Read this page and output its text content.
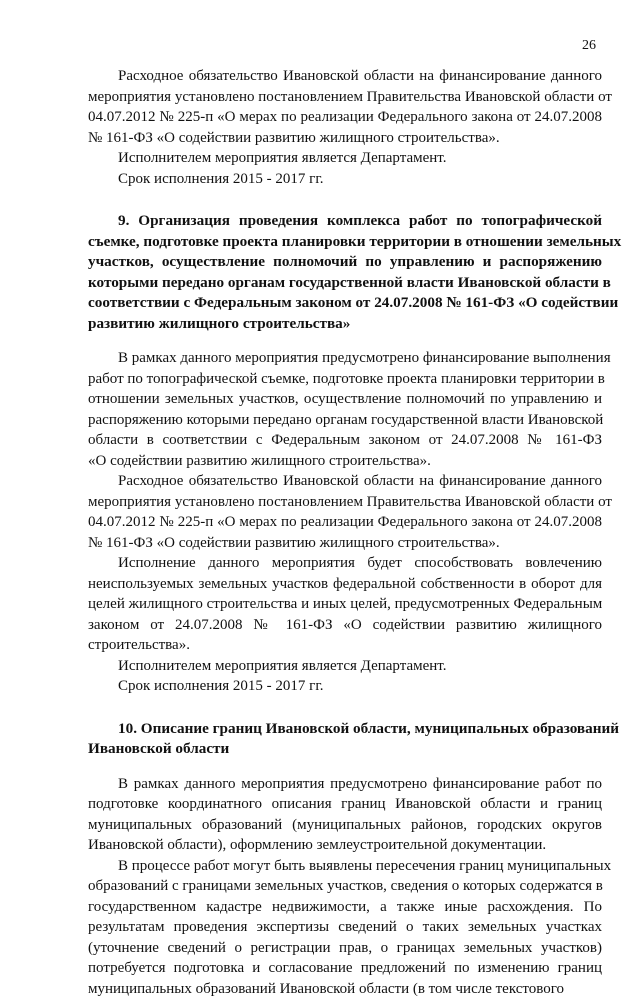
26
Расходное обязательство Ивановской области на финансирование данного
мероприятия установлено постановлением Правительства Ивановской области от
04.07.2012 № 225-п «О мерах по реализации Федерального закона от 24.07.2008
№ 161-ФЗ «О содействии развитию жилищного строительства».
Исполнителем мероприятия является Департамент.
Срок исполнения 2015 - 2017 гг.
9. Организация проведения комплекса работ по топографической
съемке, подготовке проекта планировки территории в отношении земельных
участков, осуществление полномочий по управлению и распоряжению
которыми передано органам государственной власти Ивановской области в
соответствии с Федеральным законом от 24.07.2008 № 161-ФЗ «О содействии
развитию жилищного строительства»
В рамках данного мероприятия предусмотрено финансирование выполнения
работ по топографической съемке, подготовке проекта планировки территории в
отношении земельных участков, осуществление полномочий по управлению и
распоряжению которыми передано органам государственной власти Ивановской
области в соответствии с Федеральным законом от 24.07.2008 № 161-ФЗ
«О содействии развитию жилищного строительства».
Расходное обязательство Ивановской области на финансирование данного
мероприятия установлено постановлением Правительства Ивановской области от
04.07.2012 № 225-п «О мерах по реализации Федерального закона от 24.07.2008
№ 161-ФЗ «О содействии развитию жилищного строительства».
Исполнение данного мероприятия будет способствовать вовлечению
неиспользуемых земельных участков федеральной собственности в оборот для
целей жилищного строительства и иных целей, предусмотренных Федеральным
законом от 24.07.2008 № 161-ФЗ «О содействии развитию жилищного
строительства».
Исполнителем мероприятия является Департамент.
Срок исполнения 2015 - 2017 гг.
10. Описание границ Ивановской области, муниципальных образований
Ивановской области
В рамках данного мероприятия предусмотрено финансирование работ по
подготовке координатного описания границ Ивановской области и границ
муниципальных образований (муниципальных районов, городских округов
Ивановской области), оформлению землеустроительной документации.
В процессе работ могут быть выявлены пересечения границ муниципальных
образований с границами земельных участков, сведения о которых содержатся в
государственном кадастре недвижимости, а также иные расхождения. По
результатам проведения экспертизы сведений о таких земельных участках
(уточнение сведений о регистрации прав, о границах земельных участков)
потребуется подготовка и согласование предложений по изменению границ
муниципальных образований Ивановской области (в том числе текстового
